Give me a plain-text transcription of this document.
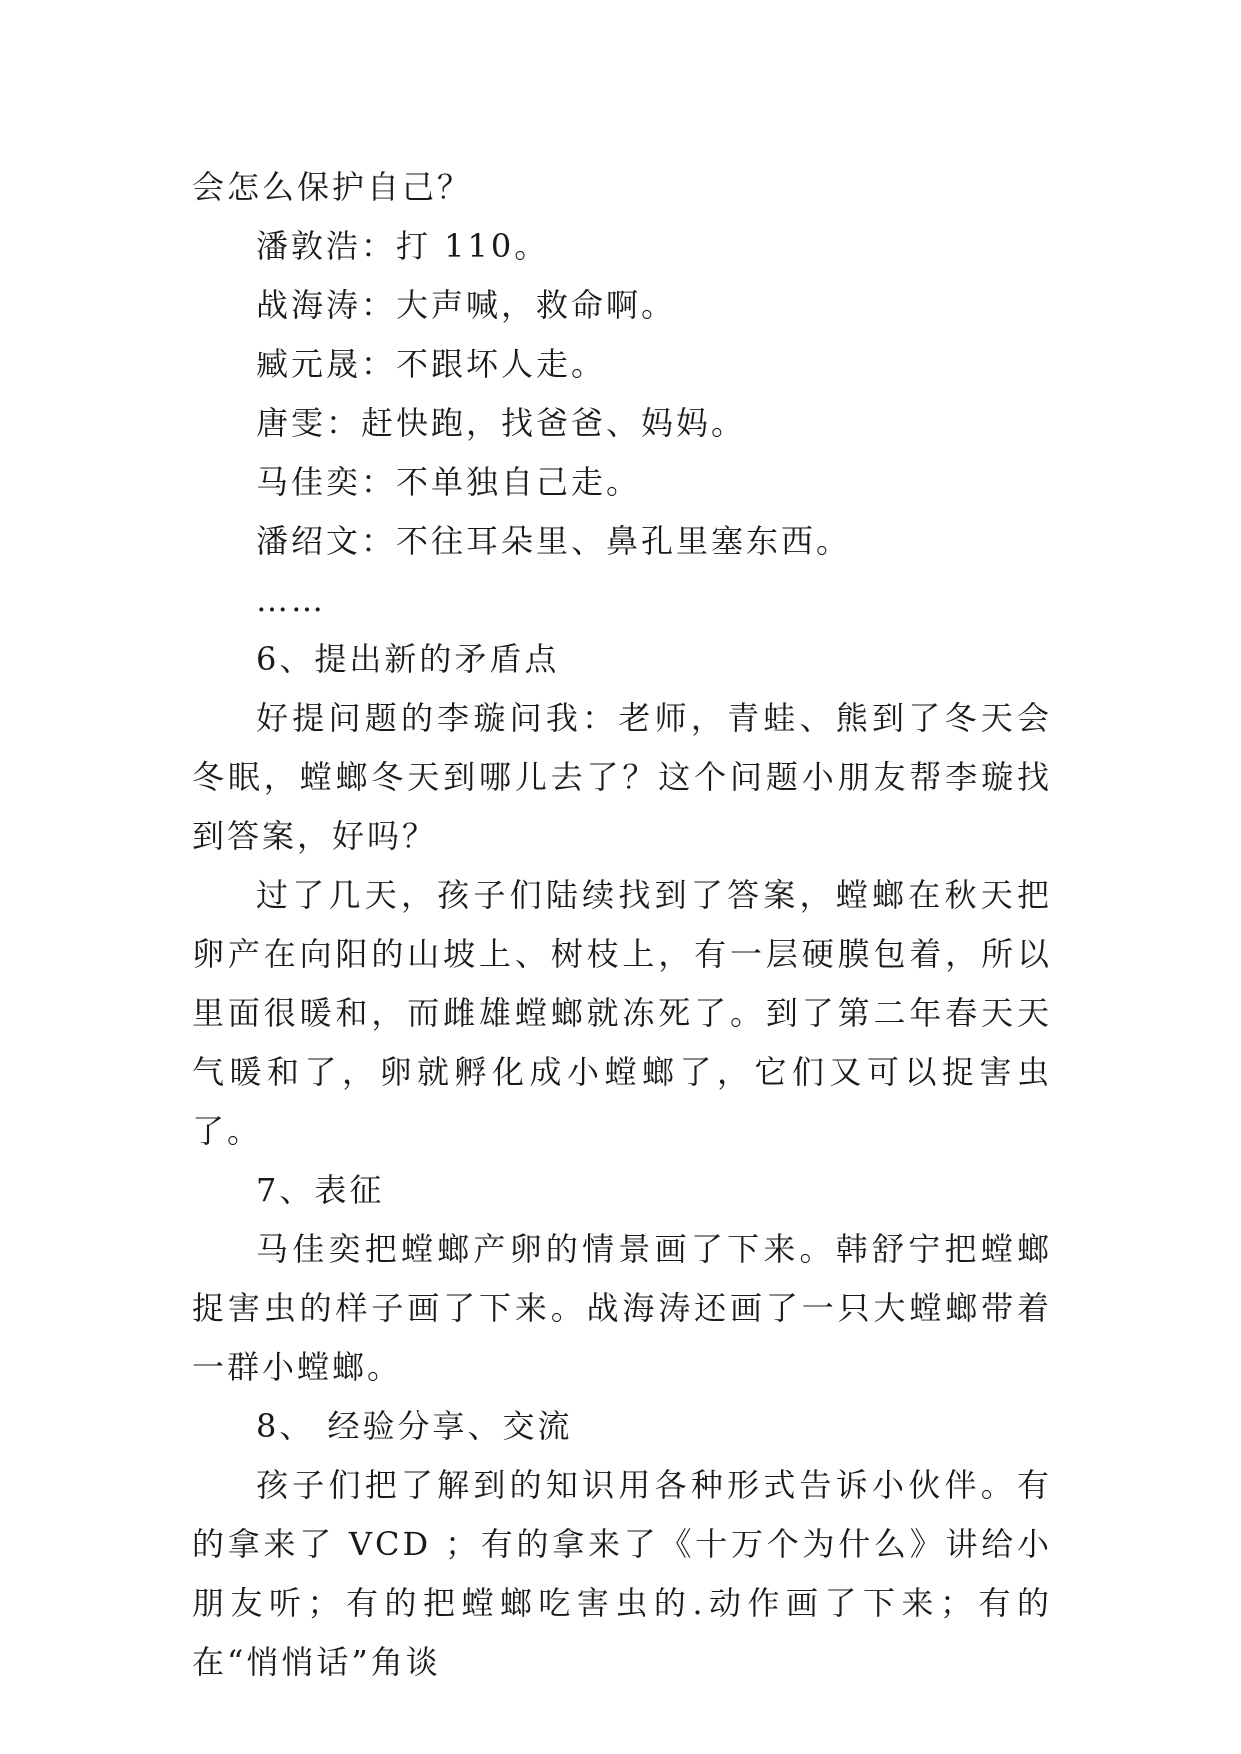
会怎么保护自己？

潘敦浩：打 110。

战海涛：大声喊，救命啊。

臧元晟：不跟坏人走。

唐雯：赶快跑，找爸爸、妈妈。

马佳奕：不单独自己走。

潘绍文：不往耳朵里、鼻孔里塞东西。

……

6、提出新的矛盾点

好提问题的李璇问我：老师，青蛙、熊到了冬天会冬眠，螳螂冬天到哪儿去了？这个问题小朋友帮李璇找到答案，好吗？

过了几天，孩子们陆续找到了答案，螳螂在秋天把卵产在向阳的山坡上、树枝上，有一层硬膜包着，所以里面很暖和，而雌雄螳螂就冻死了。到了第二年春天天气暖和了，卵就孵化成小螳螂了，它们又可以捉害虫了。

7、表征

马佳奕把螳螂产卵的情景画了下来。韩舒宁把螳螂捉害虫的样子画了下来。战海涛还画了一只大螳螂带着一群小螳螂。

8、 经验分享、交流

孩子们把了解到的知识用各种形式告诉小伙伴。有的拿来了 VCD ；有的拿来了《十万个为什么》讲给小朋友听；有的把螳螂吃害虫的.动作画了下来；有的在“悄悄话”角谈
